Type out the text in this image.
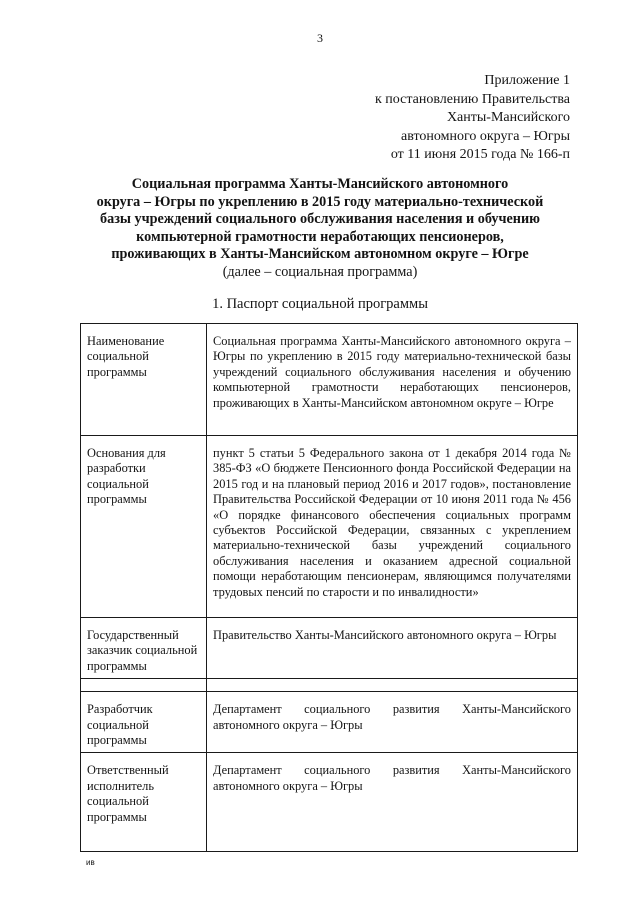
3
Приложение 1
к постановлению Правительства
Ханты-Мансийского
автономного округа – Югры
от 11 июня 2015 года № 166-п
Социальная программа Ханты-Мансийского автономного
округа – Югры по укреплению в 2015 году материально-технической
базы учреждений социального обслуживания населения и обучению
компьютерной грамотности неработающих пенсионеров,
проживающих в Ханты-Мансийском автономном округе – Югре
(далее – социальная программа)
1. Паспорт социальной программы
Наименование социальной программы	Социальная программа Ханты-Мансийского автономного округа – Югры по укреплению в 2015 году материально-технической базы учреждений социального обслуживания населения и обучению компьютерной грамотности неработающих пенсионеров, проживающих в Ханты-Мансийском автономном округе – Югре
Основания для разработки социальной программы	пункт 5 статьи 5 Федерального закона от 1 декабря 2014 года № 385-ФЗ «О бюджете Пенсионного фонда Российской Федерации на 2015 год и на плановый период 2016 и 2017 годов», постановление Правительства Российской Федерации от 10 июня 2011 года № 456 «О порядке финансового обеспечения социальных программ субъектов Российской Федерации, связанных с укреплением материально-технической базы учреждений социального обслуживания населения и оказанием адресной социальной помощи неработающим пенсионерам, являющимся получателями трудовых пенсий по старости и по инвалидности»
Государственный заказчик социальной программы	Правительство Ханты-Мансийского автономного округа – Югры

Разработчик социальной программы	Департамент социального развития Ханты-Мансийского автономного округа – Югры
Ответственный исполнитель социальной программы	Департамент социального развития Ханты-Мансийского автономного округа – Югры
ив
